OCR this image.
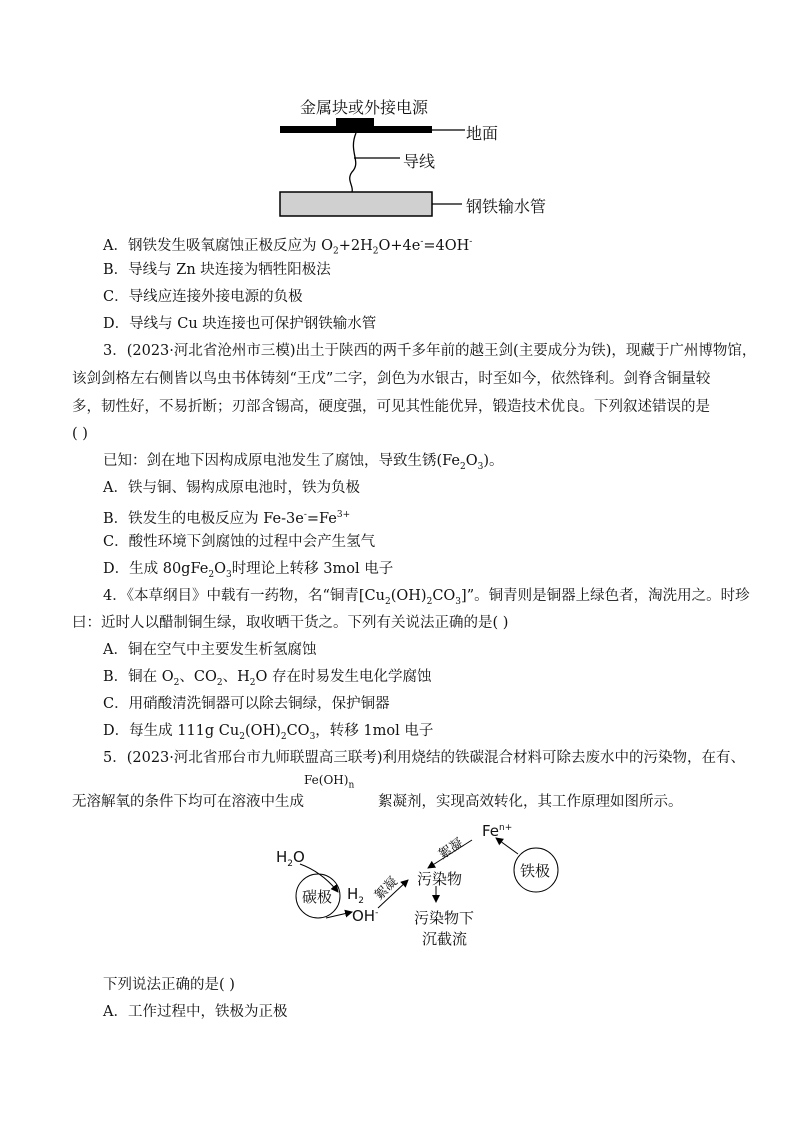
金属块或外接电源
地面
导线
钢铁输水管
A．钢铁发生吸氧腐蚀正极反应为 $O_2+2H_2O+4e^-=4OH^-$
B．导线与 Zn 块连接为牺牲阳极法
C．导线应连接外接电源的负极
D．导线与 Cu 块连接也可保护钢铁输水管
3．(2023·河北省沧州市三模)出土于陕西的两千多年前的越王剑(主要成分为铁)，现藏于广州博物馆，
该剑剑格左右侧皆以鸟虫书体铸刻“王戊”二字，剑色为水银古，时至如今，依然锋利。剑脊含铜量较
多，韧性好，不易折断；刃部含锡高，硬度强，可见其性能优异，锻造技术优良。下列叙述错误的是
( )
已知：剑在地下因构成原电池发生了腐蚀，导致生锈$(Fe_2O_3)$。
A．铁与铜、锡构成原电池时，铁为负极
B．铁发生的电极反应为 $Fe-3e^-=Fe^{3+}$
C．酸性环境下剑腐蚀的过程中会产生氢气
D．生成 $80gFe_2O_3$时理论上转移 3mol 电子
4．《本草纲目》中载有一药物，名“铜青$[Cu_2(OH)_2CO_3]$”。铜青则是铜器上绿色者，淘洗用之。时珍
曰：近时人以醋制铜生绿，取收晒干货之。下列有关说法正确的是( )
A．铜在空气中主要发生析氢腐蚀
B．铜在 $O_2$、$CO_2$、$H_2O$ 存在时易发生电化学腐蚀
C．用硝酸清洗铜器可以除去铜绿，保护铜器
D．每生成 111g $Cu_2(OH)_2CO_3$，转移 1mol 电子
5．(2023·河北省邢台市九师联盟高三联考)利用烧结的铁碳混合材料可除去废水中的污染物，在有、
无溶解氧的条件下均可在溶液中生成
$Fe(OH)_n$
絮凝剂，实现高效转化，其工作原理如图所示。
$H_2O$
碳极 $H_2$
OH-
絮凝 污染物
絮凝
$Fe^{n+}$
铁极
污染物下
沉截流
下列说法正确的是( )
A．工作过程中，铁极为正极
